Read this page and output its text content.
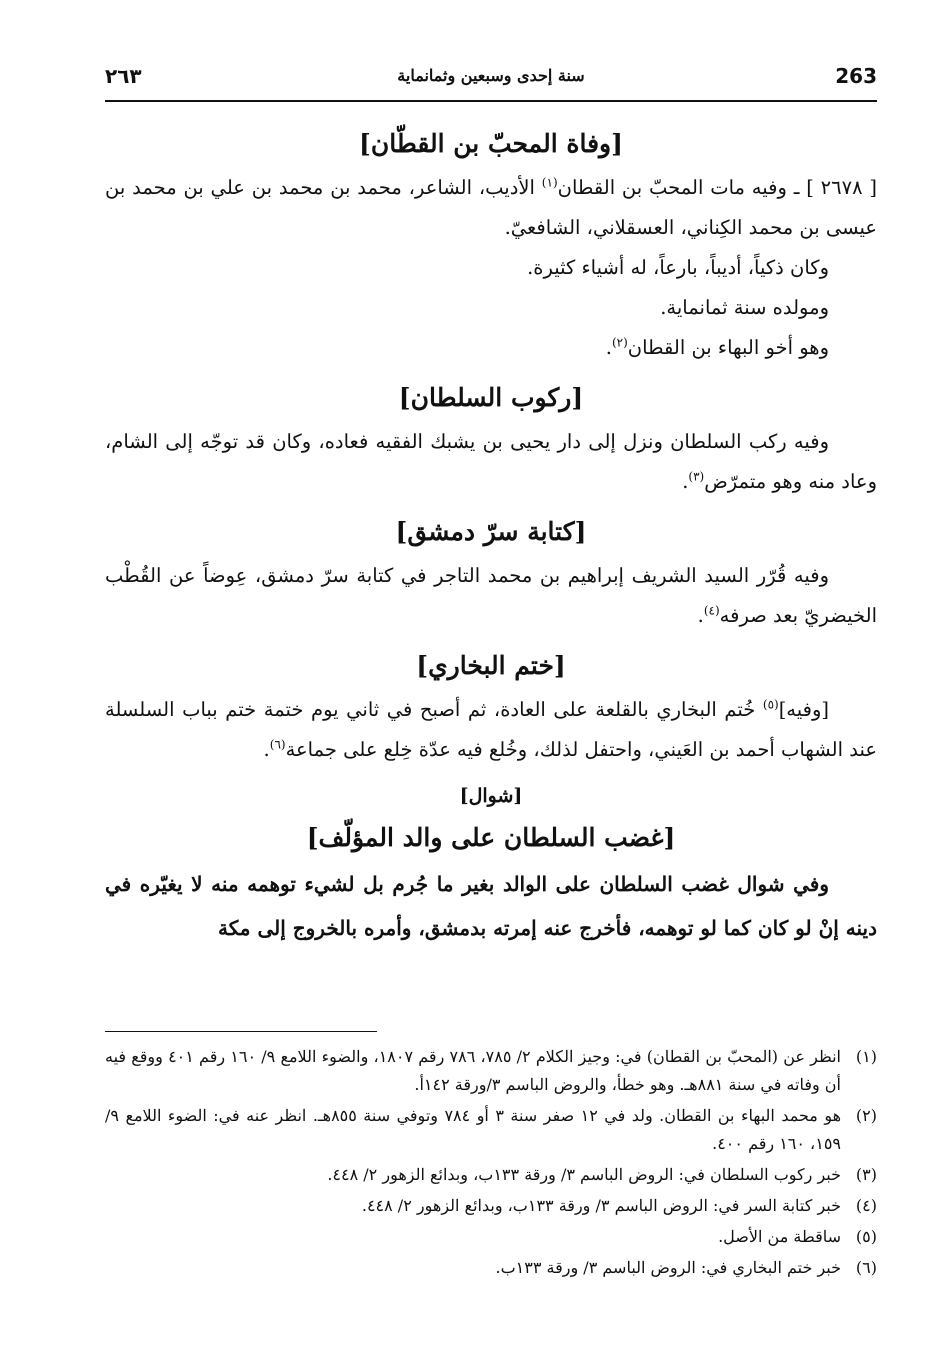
263
سنة إحدى وسبعين وثمانماية
٢٦٣
[وفاة المحبّ بن القطّان]

[ ٢٦٧٨ ] ـ وفيه مات المحبّ بن القطان$^{(١)}$ الأديب، الشاعر، محمد بن محمد بن علي بن محمد بن عيسى بن محمد الكِناني، العسقلاني، الشافعيّ.

وكان ذكياً، أديباً، بارعاً، له أشياء كثيرة.

ومولده سنة ثمانماية.

وهو أخو البهاء بن القطان$^{(٢)}$.

[ركوب السلطان]

وفيه ركب السلطان ونزل إلى دار يحيى بن يشبك الفقيه فعاده، وكان قد توجّه إلى الشام، وعاد منه وهو متمرّض$^{(٣)}$.

[كتابة سرّ دمشق]

وفيه قُرّر السيد الشريف إبراهيم بن محمد التاجر في كتابة سرّ دمشق، عِوضاً عن القُطْب الخيضريّ بعد صرفه$^{(٤)}$.

[ختم البخاري]

[وفيه]$^{(٥)}$ خُتم البخاري بالقلعة على العادة، ثم أصبح في ثاني يوم ختمة ختم بباب السلسلة عند الشهاب أحمد بن العَيني، واحتفل لذلك، وخُلع فيه عدّة خِلع على جماعة$^{(٦)}$.

[شوال]
[غضب السلطان على والد المؤلّف]

وفي شوال غضب السلطان على الوالد بغير ما جُرم بل لشيء توهمه منه لا يغيّره في دينه إنْ لو كان كما لو توهمه، فأخرج عنه إمرته بدمشق، وأمره بالخروج إلى مكة

(١)
انظر عن (المحبّ بن القطان) في: وجيز الكلام ٢/ ٧٨٥، ٧٨٦ رقم ١٨٠٧، والضوء اللامع ٩/ ١٦٠ رقم ٤٠١ ووقع فيه أن وفاته في سنة ٨٨١هـ. وهو خطأ، والروض الباسم ٣/ورقة ١٤٢أ.
(٢)
هو محمد البهاء بن القطان. ولد في ١٢ صفر سنة ٣ أو ٧٨٤ وتوفي سنة ٨٥٥هـ. انظر عنه في: الضوء اللامع ٩/ ١٥٩، ١٦٠ رقم ٤٠٠.
(٣)
خبر ركوب السلطان في: الروض الباسم ٣/ ورقة ١٣٣ب، وبدائع الزهور ٢/ ٤٤٨.
(٤)
خبر كتابة السر في: الروض الباسم ٣/ ورقة ١٣٣ب، وبدائع الزهور ٢/ ٤٤٨.
(٥)
ساقطة من الأصل.
(٦)
خبر ختم البخاري في: الروض الباسم ٣/ ورقة ١٣٣ب.
